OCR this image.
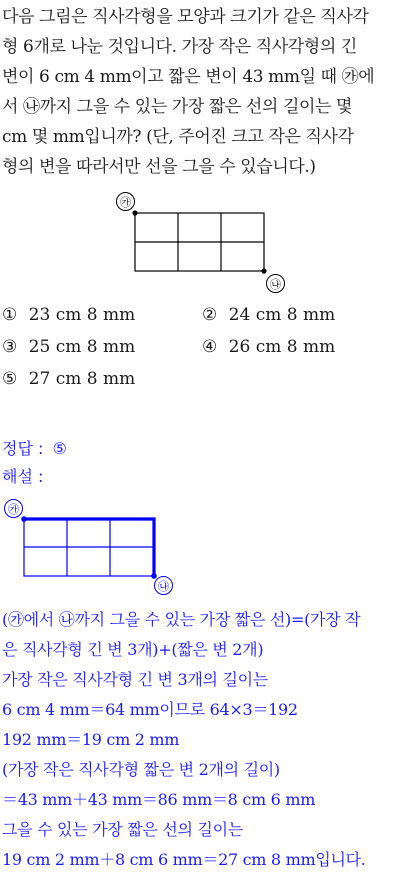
다음 그림은 직사각형을 모양과 크기가 같은 직사각
형 6개로 나눈 것입니다. 가장 작은 직사각형의 긴
변이 6 cm 4 mm이고 짧은 변이 43 mm일 때 ㉮에
서 ㉯까지 그을 수 있는 가장 짧은 선의 길이는 몇
cm 몇 mm입니까? (단, 주어진 크고 작은 직사각
형의 변을 따라서만 선을 그을 수 있습니다.)
㉮
㉯
① 23 cm 8 mm	② 24 cm 8 mm
③ 25 cm 8 mm	④ 26 cm 8 mm
⑤ 27 cm 8 mm
정답 : ⑤
해설 :
㉮
㉯
(㉮에서 ㉯까지 그을 수 있는 가장 짧은 선)=(가장 작
은 직사각형 긴 변 3개)+(짧은 변 2개)
가장 작은 직사각형 긴 변 3개의 길이는
6 cm 4 mm＝64 mm이므로 64×3＝192
192 mm＝19 cm 2 mm
(가장 작은 직사각형 짧은 변 2개의 길이)
＝43 mm＋43 mm＝86 mm＝8 cm 6 mm
그을 수 있는 가장 짧은 선의 길이는
19 cm 2 mm＋8 cm 6 mm＝27 cm 8 mm입니다.
